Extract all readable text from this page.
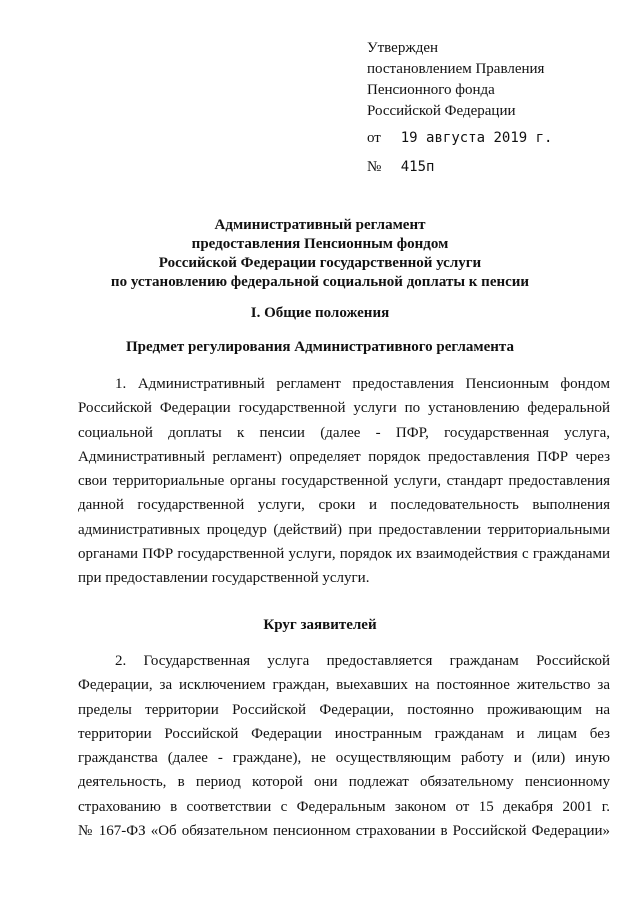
Утвержден
постановлением Правления
Пенсионного фонда
Российской Федерации
от 19 августа 2019 г.
№ 415п
Административный регламент
предоставления Пенсионным фондом
Российской Федерации государственной услуги
по установлению федеральной социальной доплаты к пенсии
I. Общие положения
Предмет регулирования Административного регламента
1. Административный регламент предоставления Пенсионным фондом
Российской Федерации государственной услуги по установлению федеральной
социальной доплаты к пенсии (далее - ПФР, государственная услуга,
Административный регламент) определяет порядок предоставления ПФР через
свои территориальные органы государственной услуги, стандарт предоставления
данной государственной услуги, сроки и последовательность выполнения
административных процедур (действий) при предоставлении территориальными
органами ПФР государственной услуги, порядок их взаимодействия с гражданами
при предоставлении государственной услуги.
Круг заявителей
2. Государственная услуга предоставляется гражданам Российской
Федерации, за исключением граждан, выехавших на постоянное жительство за
пределы территории Российской Федерации, постоянно проживающим на
территории Российской Федерации иностранным гражданам и лицам без
гражданства (далее - граждане), не осуществляющим работу и (или) иную
деятельность, в период которой они подлежат обязательному пенсионному
страхованию в соответствии с Федеральным законом от 15 декабря 2001 г.
№ 167-ФЗ «Об обязательном пенсионном страховании в Российской Федерации»
